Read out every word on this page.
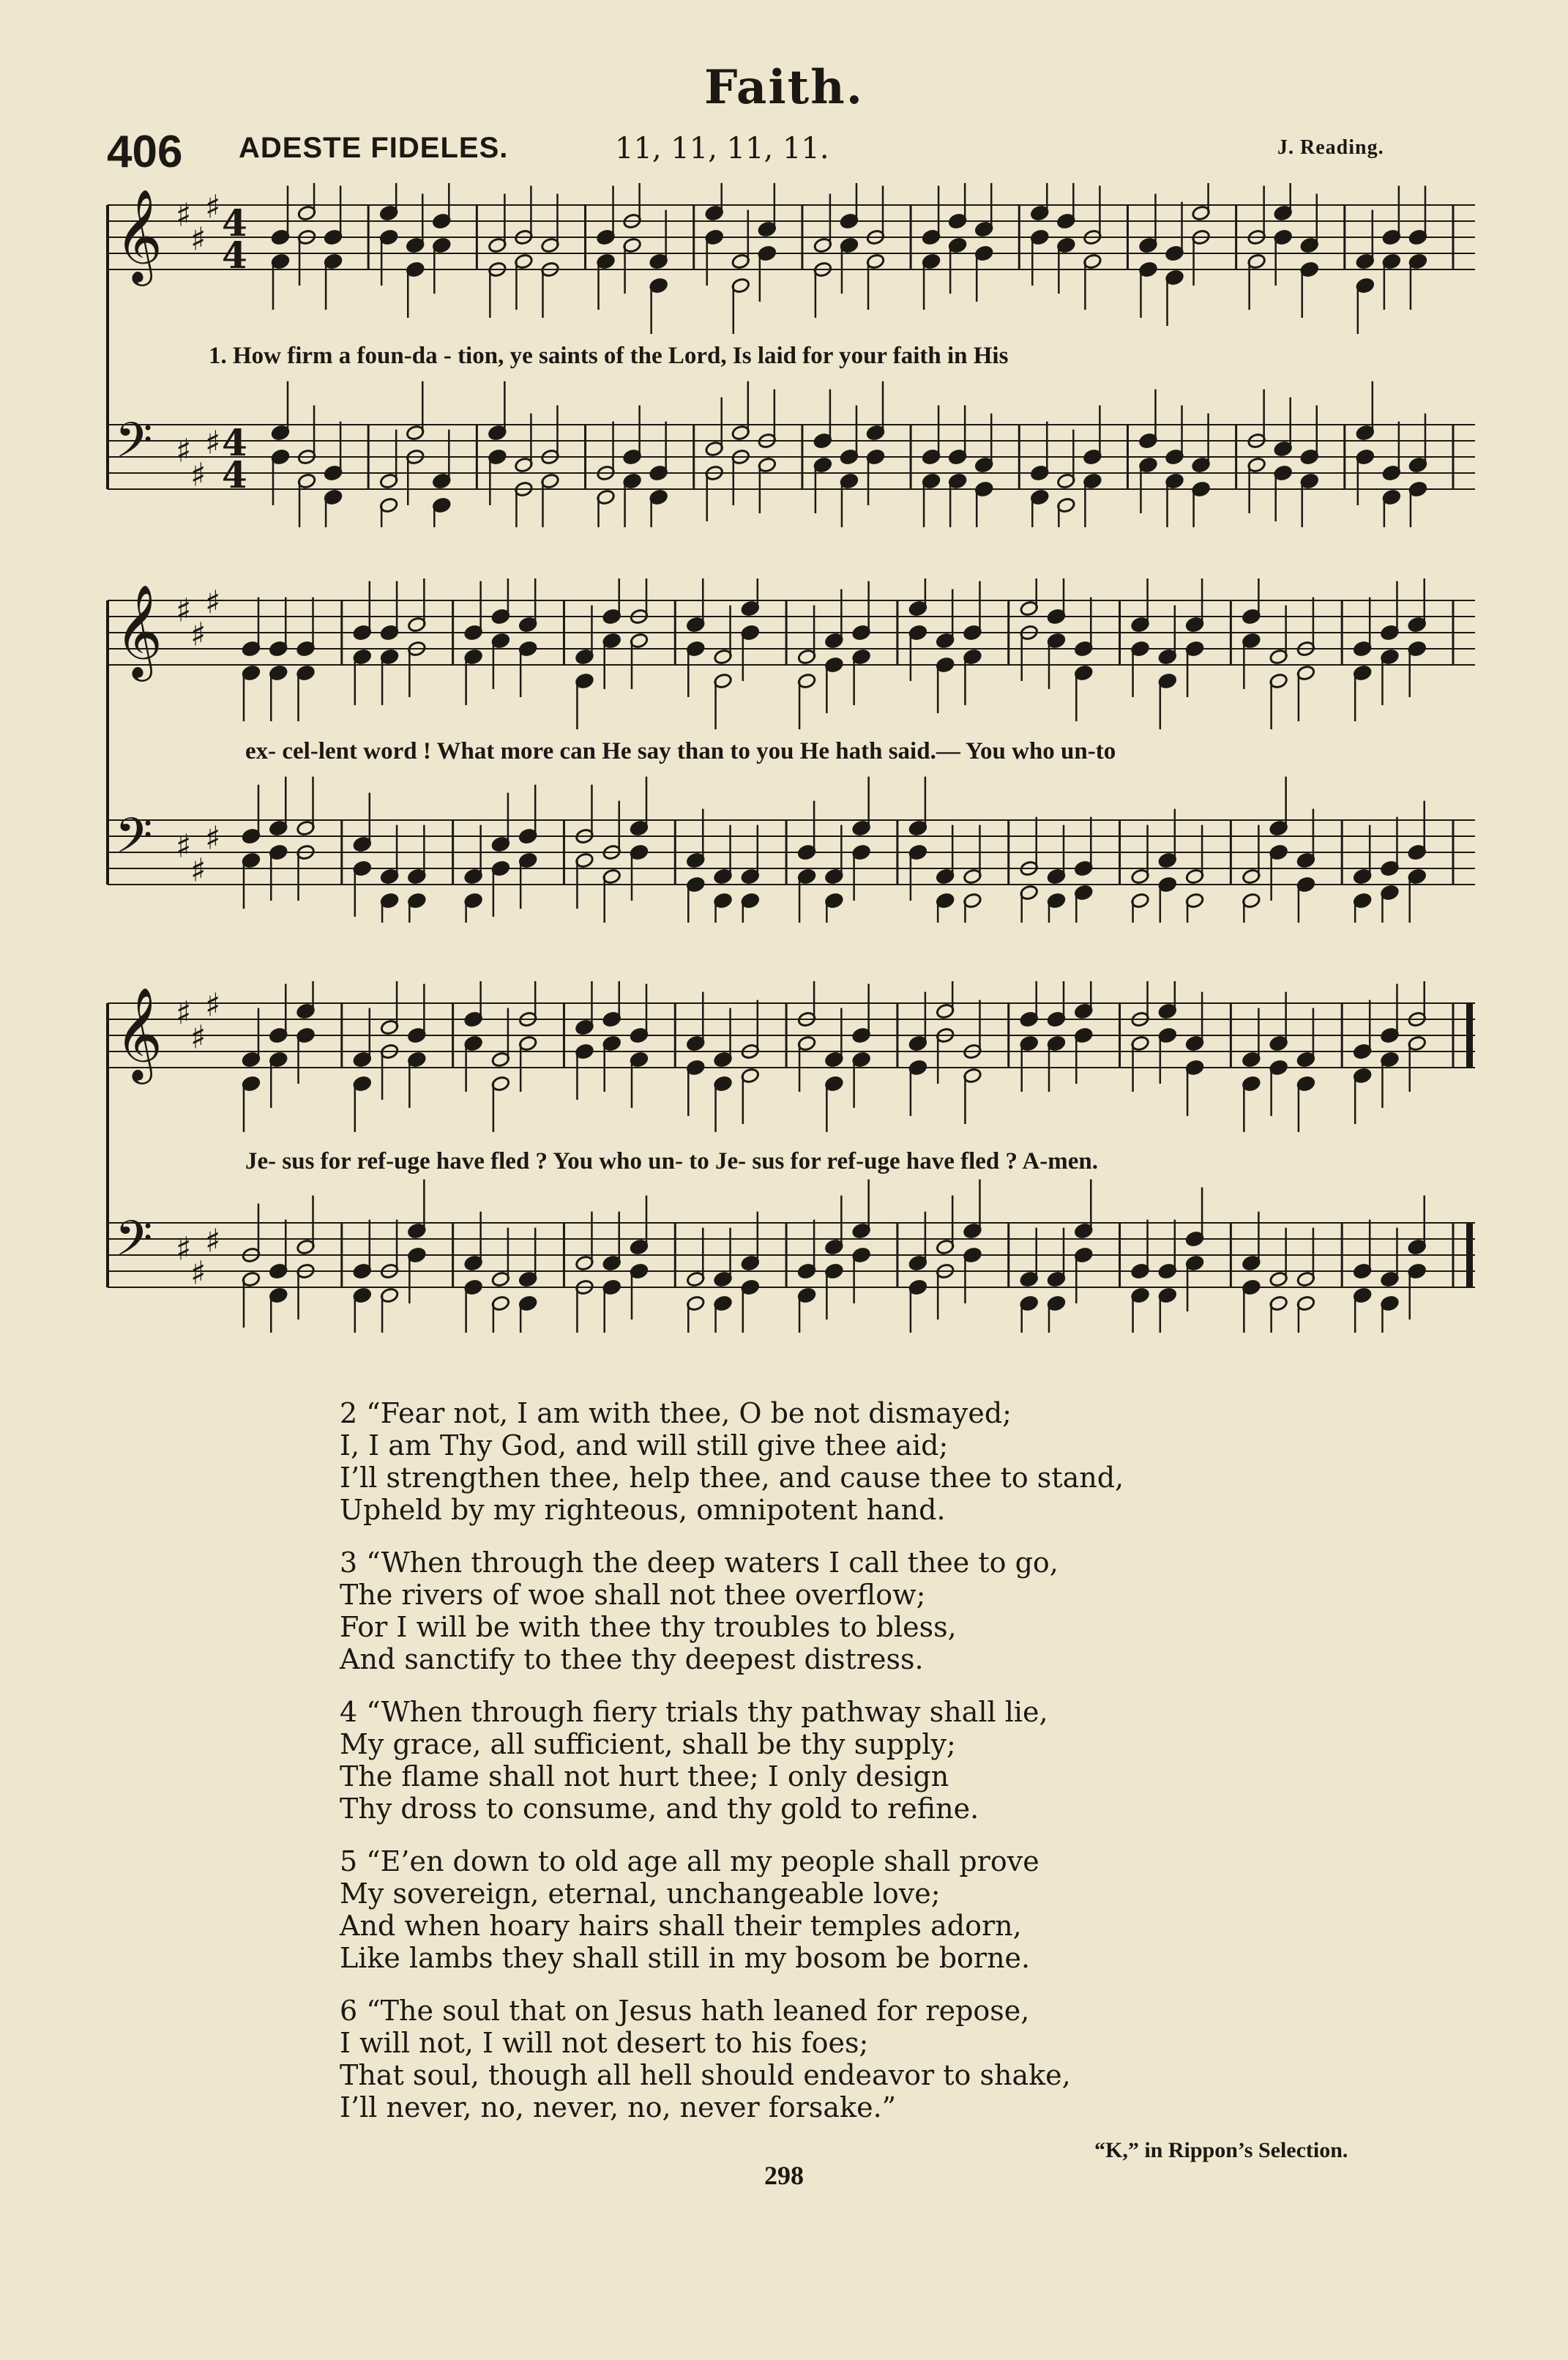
Faith.
406 ADESTE FIDELES.	11, 11, 11, 11.	J. Reading.
𝄞 ♯
♯
♯ 4
4
𝄢 ♯
♯
♯ 4
4
1. How firm a foun-da - tion, ye saints of the Lord, Is laid for your faith in His
𝄞 ♯
♯
♯
𝄢 ♯
♯
♯
ex- cel-lent word ! What more can He say than to you He hath said.— You who un-to
𝄞 ♯
♯
♯
𝄢 ♯
♯
♯
Je- sus for ref-uge have fled ? You who un- to Je- sus for ref-uge have fled ? A-men.
2 “Fear not, I am with thee, O be not dismayed;
I, I am Thy God, and will still give thee aid;
I’ll strengthen thee, help thee, and cause thee to stand,
Upheld by my righteous, omnipotent hand.
3 “When through the deep waters I call thee to go,
The rivers of woe shall not thee overflow;
For I will be with thee thy troubles to bless,
And sanctify to thee thy deepest distress.
4 “When through fiery trials thy pathway shall lie,
My grace, all sufficient, shall be thy supply;
The flame shall not hurt thee; I only design
Thy dross to consume, and thy gold to refine.
5 “E’en down to old age all my people shall prove
My sovereign, eternal, unchangeable love;
And when hoary hairs shall their temples adorn,
Like lambs they shall still in my bosom be borne.
6 “The soul that on Jesus hath leaned for repose,
I will not, I will not desert to his foes;
That soul, though all hell should endeavor to shake,
I’ll never, no, never, no, never forsake.”
“K,” in Rippon’s Selection.
298
